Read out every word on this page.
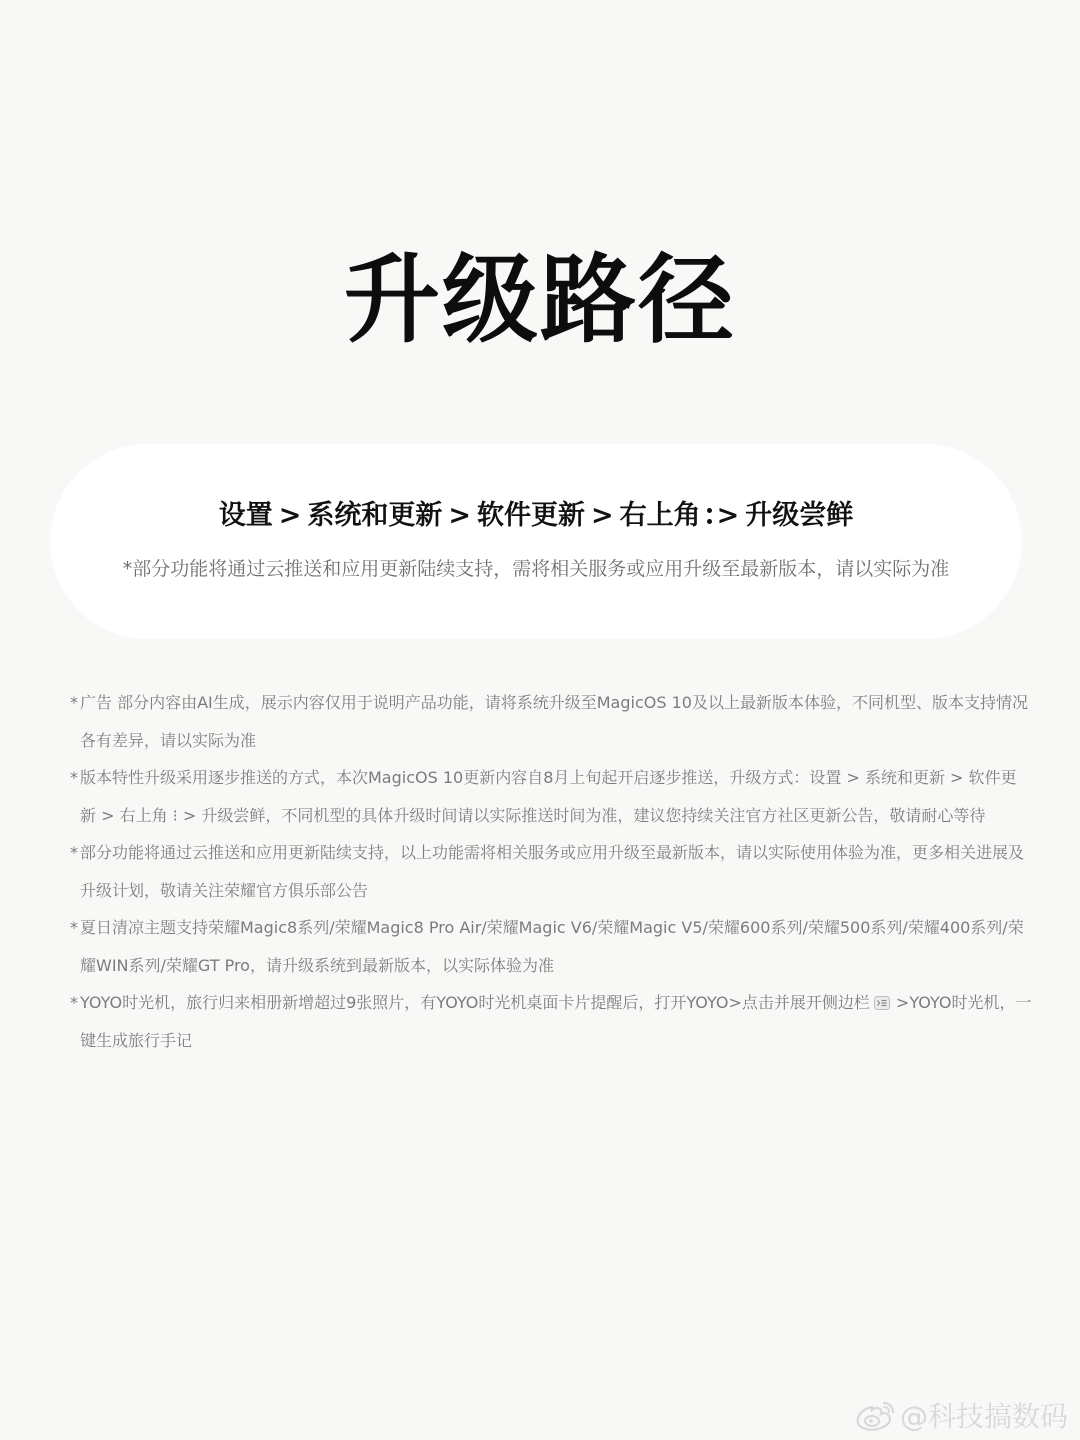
升级路径
设置 > 系统和更新 > 软件更新 > 右上角 > 升级尝鲜
*部分功能将通过云推送和应用更新陆续支持，需将相关服务或应用升级至最新版本，请以实际为准
* 广告 部分内容由AI生成，展示内容仅用于说明产品功能，请将系统升级至MagicOS 10及以上最新版本体验，不同机型、版本支持情况各有差异，请以实际为准
* 版本特性升级采用逐步推送的方式，本次MagicOS 10更新内容自8月上旬起开启逐步推送，升级方式：设置 > 系统和更新 > 软件更新 > 右上角 ⁝ > 升级尝鲜，不同机型的具体升级时间请以实际推送时间为准，建议您持续关注官方社区更新公告，敬请耐心等待
* 部分功能将通过云推送和应用更新陆续支持，以上功能需将相关服务或应用升级至最新版本，请以实际使用体验为准，更多相关进展及升级计划，敬请关注荣耀官方俱乐部公告
* 夏日清凉主题支持荣耀Magic8系列/荣耀Magic8 Pro Air/荣耀Magic V6/荣耀Magic V5/荣耀600系列/荣耀500系列/荣耀400系列/荣耀WIN系列/荣耀GT Pro，请升级系统到最新版本，以实际体验为准
* YOYO时光机，旅行归来相册新增超过9张照片，有YOYO时光机桌面卡片提醒后，打开YOYO>点击并展开侧边栏 >YOYO时光机，一键生成旅行手记
@科技搞数码
